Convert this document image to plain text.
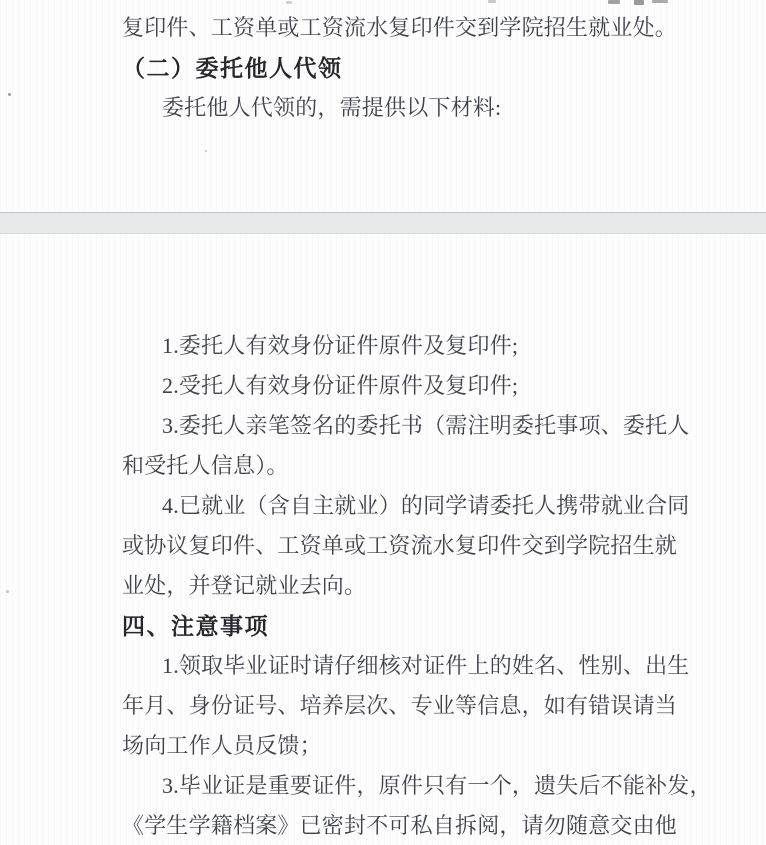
复印件、工资单或工资流水复印件交到学院招生就业处。

（二）委托他人代领

委托他人代领的，需提供以下材料:

1.委托人有效身份证件原件及复印件;

2.受托人有效身份证件原件及复印件;

3.委托人亲笔签名的委托书（需注明委托事项、委托人

和受托人信息）。

4.已就业（含自主就业）的同学请委托人携带就业合同

或协议复印件、工资单或工资流水复印件交到学院招生就

业处，并登记就业去向。

四、注意事项

1.领取毕业证时请仔细核对证件上的姓名、性别、出生

年月、身份证号、培养层次、专业等信息，如有错误请当

场向工作人员反馈；

3.毕业证是重要证件，原件只有一个，遗失后不能补发，

《学生学籍档案》已密封不可私自拆阅，请勿随意交由他
